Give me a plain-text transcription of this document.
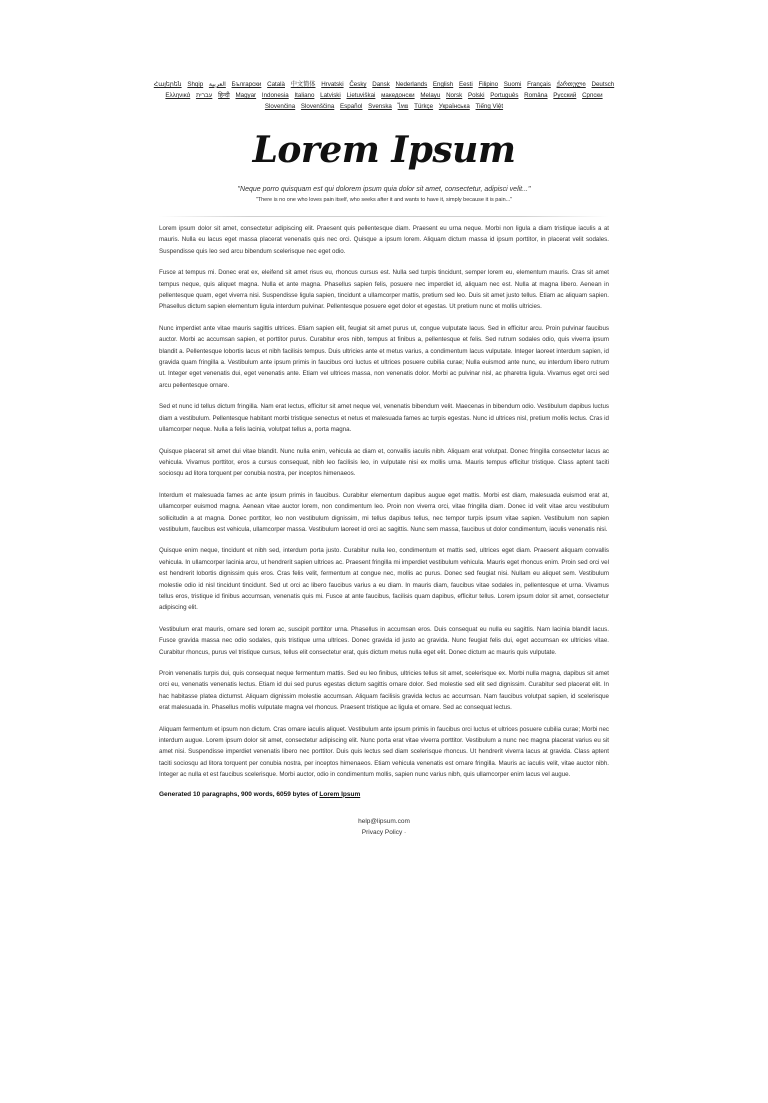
Հայերեն Shqip العربية Български Català 中文简体 Hrvatski Česky Dansk Nederlands English Eesti Filipino Suomi Français ქართული Deutsch Ελληνικά עברית हिन्दी Magyar Indonesia Italiano Latviski Lietuviškai македонски Melayu Norsk Polski Português Româna Pyccкий Српски Slovenčina Slovenščina Español Svenska ไทย Türkçe Українська Tiếng Việt
Lorem Ipsum
"Neque porro quisquam est qui dolorem ipsum quia dolor sit amet, consectetur, adipisci velit..."
"There is no one who loves pain itself, who seeks after it and wants to have it, simply because it is pain..."

Lorem ipsum dolor sit amet, consectetur adipiscing elit. Praesent quis pellentesque diam. Praesent eu urna neque. Morbi non ligula a diam tristique iaculis a at mauris. Nulla eu lacus eget massa placerat venenatis quis nec orci. Quisque a ipsum lorem. Aliquam dictum massa id ipsum porttitor, in placerat velit sodales. Suspendisse quis leo sed arcu bibendum scelerisque nec eget odio.

Fusce at tempus mi. Donec erat ex, eleifend sit amet risus eu, rhoncus cursus est. Nulla sed turpis tincidunt, semper lorem eu, elementum mauris. Cras sit amet tempus neque, quis aliquet magna. Nulla et ante magna. Phasellus sapien felis, posuere nec imperdiet id, aliquam nec est. Nulla at magna libero. Aenean in pellentesque quam, eget viverra nisi. Suspendisse ligula sapien, tincidunt a ullamcorper mattis, pretium sed leo. Duis sit amet justo tellus. Etiam ac aliquam sapien. Phasellus dictum sapien elementum ligula interdum pulvinar. Pellentesque posuere eget dolor et egestas. Ut pretium nunc et mollis ultricies.

Nunc imperdiet ante vitae mauris sagittis ultrices. Etiam sapien elit, feugiat sit amet purus ut, congue vulputate lacus. Sed in efficitur arcu. Proin pulvinar faucibus auctor. Morbi ac accumsan sapien, et porttitor purus. Curabitur eros nibh, tempus at finibus a, pellentesque et felis. Sed rutrum sodales odio, quis viverra ipsum blandit a. Pellentesque lobortis lacus et nibh facilisis tempus. Duis ultricies ante et metus varius, a condimentum lacus vulputate. Integer laoreet interdum sapien, id gravida quam fringilla a. Vestibulum ante ipsum primis in faucibus orci luctus et ultrices posuere cubilia curae; Nulla euismod ante nunc, eu interdum libero rutrum ut. Integer eget venenatis dui, eget venenatis ante. Etiam vel ultrices massa, non venenatis dolor. Morbi ac pulvinar nisl, ac pharetra ligula. Vivamus eget orci sed arcu pellentesque ornare.

Sed et nunc id tellus dictum fringilla. Nam erat lectus, efficitur sit amet neque vel, venenatis bibendum velit. Maecenas in bibendum odio. Vestibulum dapibus luctus diam a vestibulum. Pellentesque habitant morbi tristique senectus et netus et malesuada fames ac turpis egestas. Nunc id ultrices nisl, pretium mollis lectus. Cras id ullamcorper neque. Nulla a felis lacinia, volutpat tellus a, porta magna.

Quisque placerat sit amet dui vitae blandit. Nunc nulla enim, vehicula ac diam et, convallis iaculis nibh. Aliquam erat volutpat. Donec fringilla consectetur lacus ac vehicula. Vivamus porttitor, eros a cursus consequat, nibh leo facilisis leo, in vulputate nisi ex mollis urna. Mauris tempus efficitur tristique. Class aptent taciti sociosqu ad litora torquent per conubia nostra, per inceptos himenaeos.

Interdum et malesuada fames ac ante ipsum primis in faucibus. Curabitur elementum dapibus augue eget mattis. Morbi est diam, malesuada euismod erat at, ullamcorper euismod magna. Aenean vitae auctor lorem, non condimentum leo. Proin non viverra orci, vitae fringilla diam. Donec id velit vitae arcu vestibulum sollicitudin a at magna. Donec porttitor, leo non vestibulum dignissim, mi tellus dapibus tellus, nec tempor turpis ipsum vitae sapien. Vestibulum non sapien vestibulum, faucibus est vehicula, ullamcorper massa. Vestibulum laoreet id orci ac sagittis. Nunc sem massa, faucibus ut dolor condimentum, iaculis venenatis nisi.

Quisque enim neque, tincidunt et nibh sed, interdum porta justo. Curabitur nulla leo, condimentum et mattis sed, ultrices eget diam. Praesent aliquam convallis vehicula. In ullamcorper lacinia arcu, ut hendrerit sapien ultrices ac. Praesent fringilla mi imperdiet vestibulum vehicula. Mauris eget rhoncus enim. Proin sed orci vel est hendrerit lobortis dignissim quis eros. Cras felis velit, fermentum at congue nec, mollis ac purus. Donec sed feugiat nisi. Nullam eu aliquet sem. Vestibulum molestie odio id nisl tincidunt tincidunt. Sed ut orci ac libero faucibus varius a eu diam. In mauris diam, faucibus vitae sodales in, pellentesque et urna. Vivamus tellus eros, tristique id finibus accumsan, venenatis quis mi. Fusce at ante faucibus, facilisis quam dapibus, efficitur tellus. Lorem ipsum dolor sit amet, consectetur adipiscing elit.

Vestibulum erat mauris, ornare sed lorem ac, suscipit porttitor urna. Phasellus in accumsan eros. Duis consequat eu nulla eu sagittis. Nam lacinia blandit lacus. Fusce gravida massa nec odio sodales, quis tristique urna ultrices. Donec gravida id justo ac gravida. Nunc feugiat felis dui, eget accumsan ex ultricies vitae. Curabitur rhoncus, purus vel tristique cursus, tellus elit consectetur erat, quis dictum metus nulla eget elit. Donec dictum ac mauris quis vulputate.

Proin venenatis turpis dui, quis consequat neque fermentum mattis. Sed eu leo finibus, ultricies tellus sit amet, scelerisque ex. Morbi nulla magna, dapibus sit amet orci eu, venenatis venenatis lectus. Etiam id dui sed purus egestas dictum sagittis ornare dolor. Sed molestie sed elit sed dignissim. Curabitur sed placerat elit. In hac habitasse platea dictumst. Aliquam dignissim molestie accumsan. Aliquam facilisis gravida lectus ac accumsan. Nam faucibus volutpat sapien, id scelerisque erat malesuada in. Phasellus mollis vulputate magna vel rhoncus. Praesent tristique ac ligula et ornare. Sed ac consequat lectus.

Aliquam fermentum et ipsum non dictum. Cras ornare iaculis aliquet. Vestibulum ante ipsum primis in faucibus orci luctus et ultrices posuere cubilia curae; Morbi nec interdum augue. Lorem ipsum dolor sit amet, consectetur adipiscing elit. Nunc porta erat vitae viverra porttitor. Vestibulum a nunc nec magna placerat varius eu sit amet nisi. Suspendisse imperdiet venenatis libero nec porttitor. Duis quis lectus sed diam scelerisque rhoncus. Ut hendrerit viverra lacus at gravida. Class aptent taciti sociosqu ad litora torquent per conubia nostra, per inceptos himenaeos. Etiam vehicula venenatis est ornare fringilla. Mauris ac iaculis velit, vitae auctor nibh. Integer ac nulla et est faucibus scelerisque. Morbi auctor, odio in condimentum mollis, sapien nunc varius nibh, quis ullamcorper enim lacus vel augue.

Generated 10 paragraphs, 900 words, 6059 bytes of Lorem Ipsum
help@lipsum.com
Privacy Policy ·
